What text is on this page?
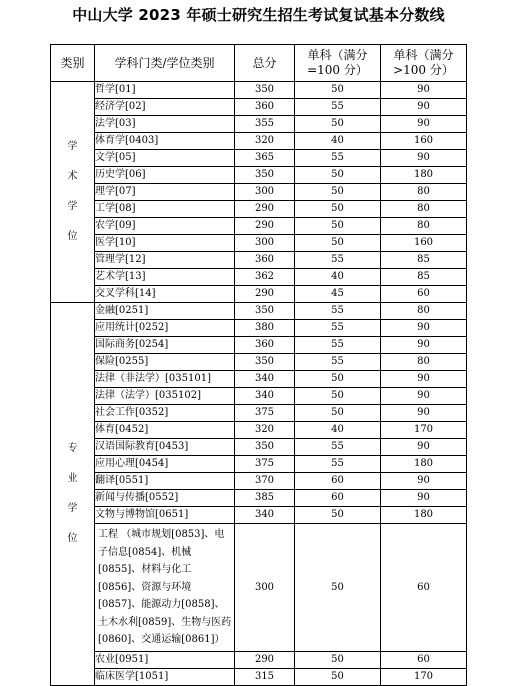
中山大学 2023 年硕士研究生招生考试复试基本分数线
类别	学科门类/学位类别	总分	单科（满分=100 分）	单科（满分>100 分）

学
术
学
位	哲学[01]	350	50	90
	经济学[02]	360	55	90
	法学[03]	355	50	90
	体育学[0403]	320	40	160
	文学[05]	365	55	90
	历史学[06]	350	50	180
	理学[07]	300	50	80
	工学[08]	290	50	80
	农学[09]	290	50	80
	医学[10]	300	50	160
	管理学[12]	360	55	85
	艺术学[13]	362	40	85
	交叉学科[14]	290	45	60

专
业
学
位	金融[0251]	350	55	80
	应用统计[0252]	380	55	90
	国际商务[0254]	360	55	90
	保险[0255]	350	55	80
	法律（非法学）[035101]	340	50	90
	法律（法学）[035102]	340	50	90
	社会工作[0352]	375	50	90
	体育[0452]	320	40	170
	汉语国际教育[0453]	350	55	90
	应用心理[0454]	375	55	180
	翻译[0551]	370	60	90
	新闻与传播[0552]	385	60	90
	文物与博物馆[0651]	340	50	180
	工程 （城市规划[0853]、电子信息[0854]、机械[0855]、材料与化工[0856]、资源与环境[0857]、能源动力[0858]、土木水利[0859]、生物与医药[0860]、交通运输[0861]）	300	50	60
	农业[0951]	290	50	60
	临床医学[1051]	315	50	170
